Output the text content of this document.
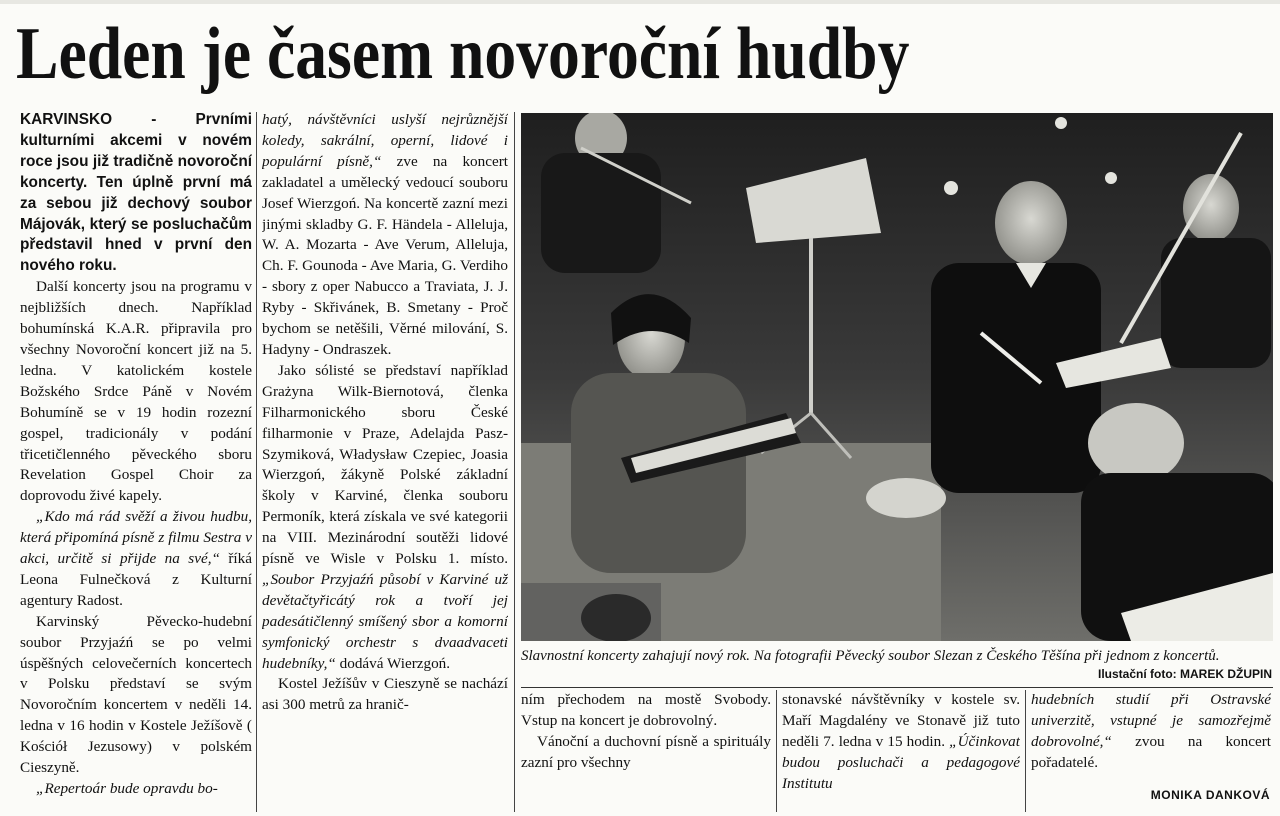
Leden je časem novoroční hudby

KARVINSKO - Prvními kulturními akcemi v novém roce jsou již tradičně novoroční koncerty. Ten úplně první má za sebou již dechový soubor Májovák, který se posluchačům představil hned v první den nového roku.

Další koncerty jsou na programu v nejbližších dnech. Například bohumínská K.A.R. připravila pro všechny Novoroční koncert již na 5. ledna. V katolickém kostele Božského Srdce Páně v Novém Bohumíně se v 19 hodin rozezní gospel, tradicionály v podání třicetičlenného pěveckého sboru Revelation Gospel Choir za doprovodu živé kapely.

„Kdo má rád svěží a živou hudbu, která připomíná písně z filmu Sestra v akci, určitě si přijde na své,“ říká Leona Fulnečková z Kulturní agentury Radost.

Karvinský Pěvecko-hudební soubor Przyjaźń se po velmi úspěšných celovečerních koncertech v Polsku představí se svým Novoročním koncertem v neděli 14. ledna v 16 hodin v Kostele Ježíšově ( Kościół Jezusowy) v polském Cieszyně.

„Repertoár bude opravdu bo-

hatý, návštěvníci uslyší nejrůznější koledy, sakrální, operní, lidové i populární písně,“ zve na koncert zakladatel a umělecký vedoucí souboru Josef Wierzgoń. Na koncertě zazní mezi jinými skladby G. F. Händela - Alleluja, W. A. Mozarta - Ave Verum, Alleluja, Ch. F. Gounoda - Ave Maria, G. Verdiho - sbory z oper Nabucco a Traviata, J. J. Ryby - Skřivánek, B. Smetany - Proč bychom se netěšili, Věrné milování, S. Hadyny - Ondraszek.

Jako sólisté se představí například Grażyna Wilk-Biernotová, členka Filharmonického sboru České filharmonie v Praze, Adelajda Pasz-Szymiková, Władysław Czepiec, Joasia Wierzgoń, žákyně Polské základní školy v Karviné, členka souboru Permoník, která získala ve své kategorii na VIII. Mezinárodní soutěži lidové písně ve Wisle v Polsku 1. místo. „Soubor Przyjaźń působí v Karviné už devětačtyřicátý rok a tvoří jej padesátičlenný smíšený sbor a komorní symfonický orchestr s dvaadvaceti hudebníky,“ dodává Wierzgoń.

Kostel Ježíšův v Cieszyně se nachází asi 300 metrů za hranič-

Slavnostní koncerty zahajují nový rok. Na fotografii Pěvecký soubor Slezan z Českého Těšína při jednom z koncertů.

Ilustační foto: MAREK DŽUPIN

ním přechodem na mostě Svobody. Vstup na koncert je dobrovolný.

Vánoční a duchovní písně a spirituály zazní pro všechny

stonavské návštěvníky v kostele sv. Maří Magdalény ve Stonavě již tuto neděli 7. ledna v 15 hodin. „Účinkovat budou posluchači a pedagogové Institutu

hudebních studií při Ostravské univerzitě, vstupné je samozřejmě dobrovolné,“ zvou na koncert pořadatelé.

MONIKA DANKOVÁ
